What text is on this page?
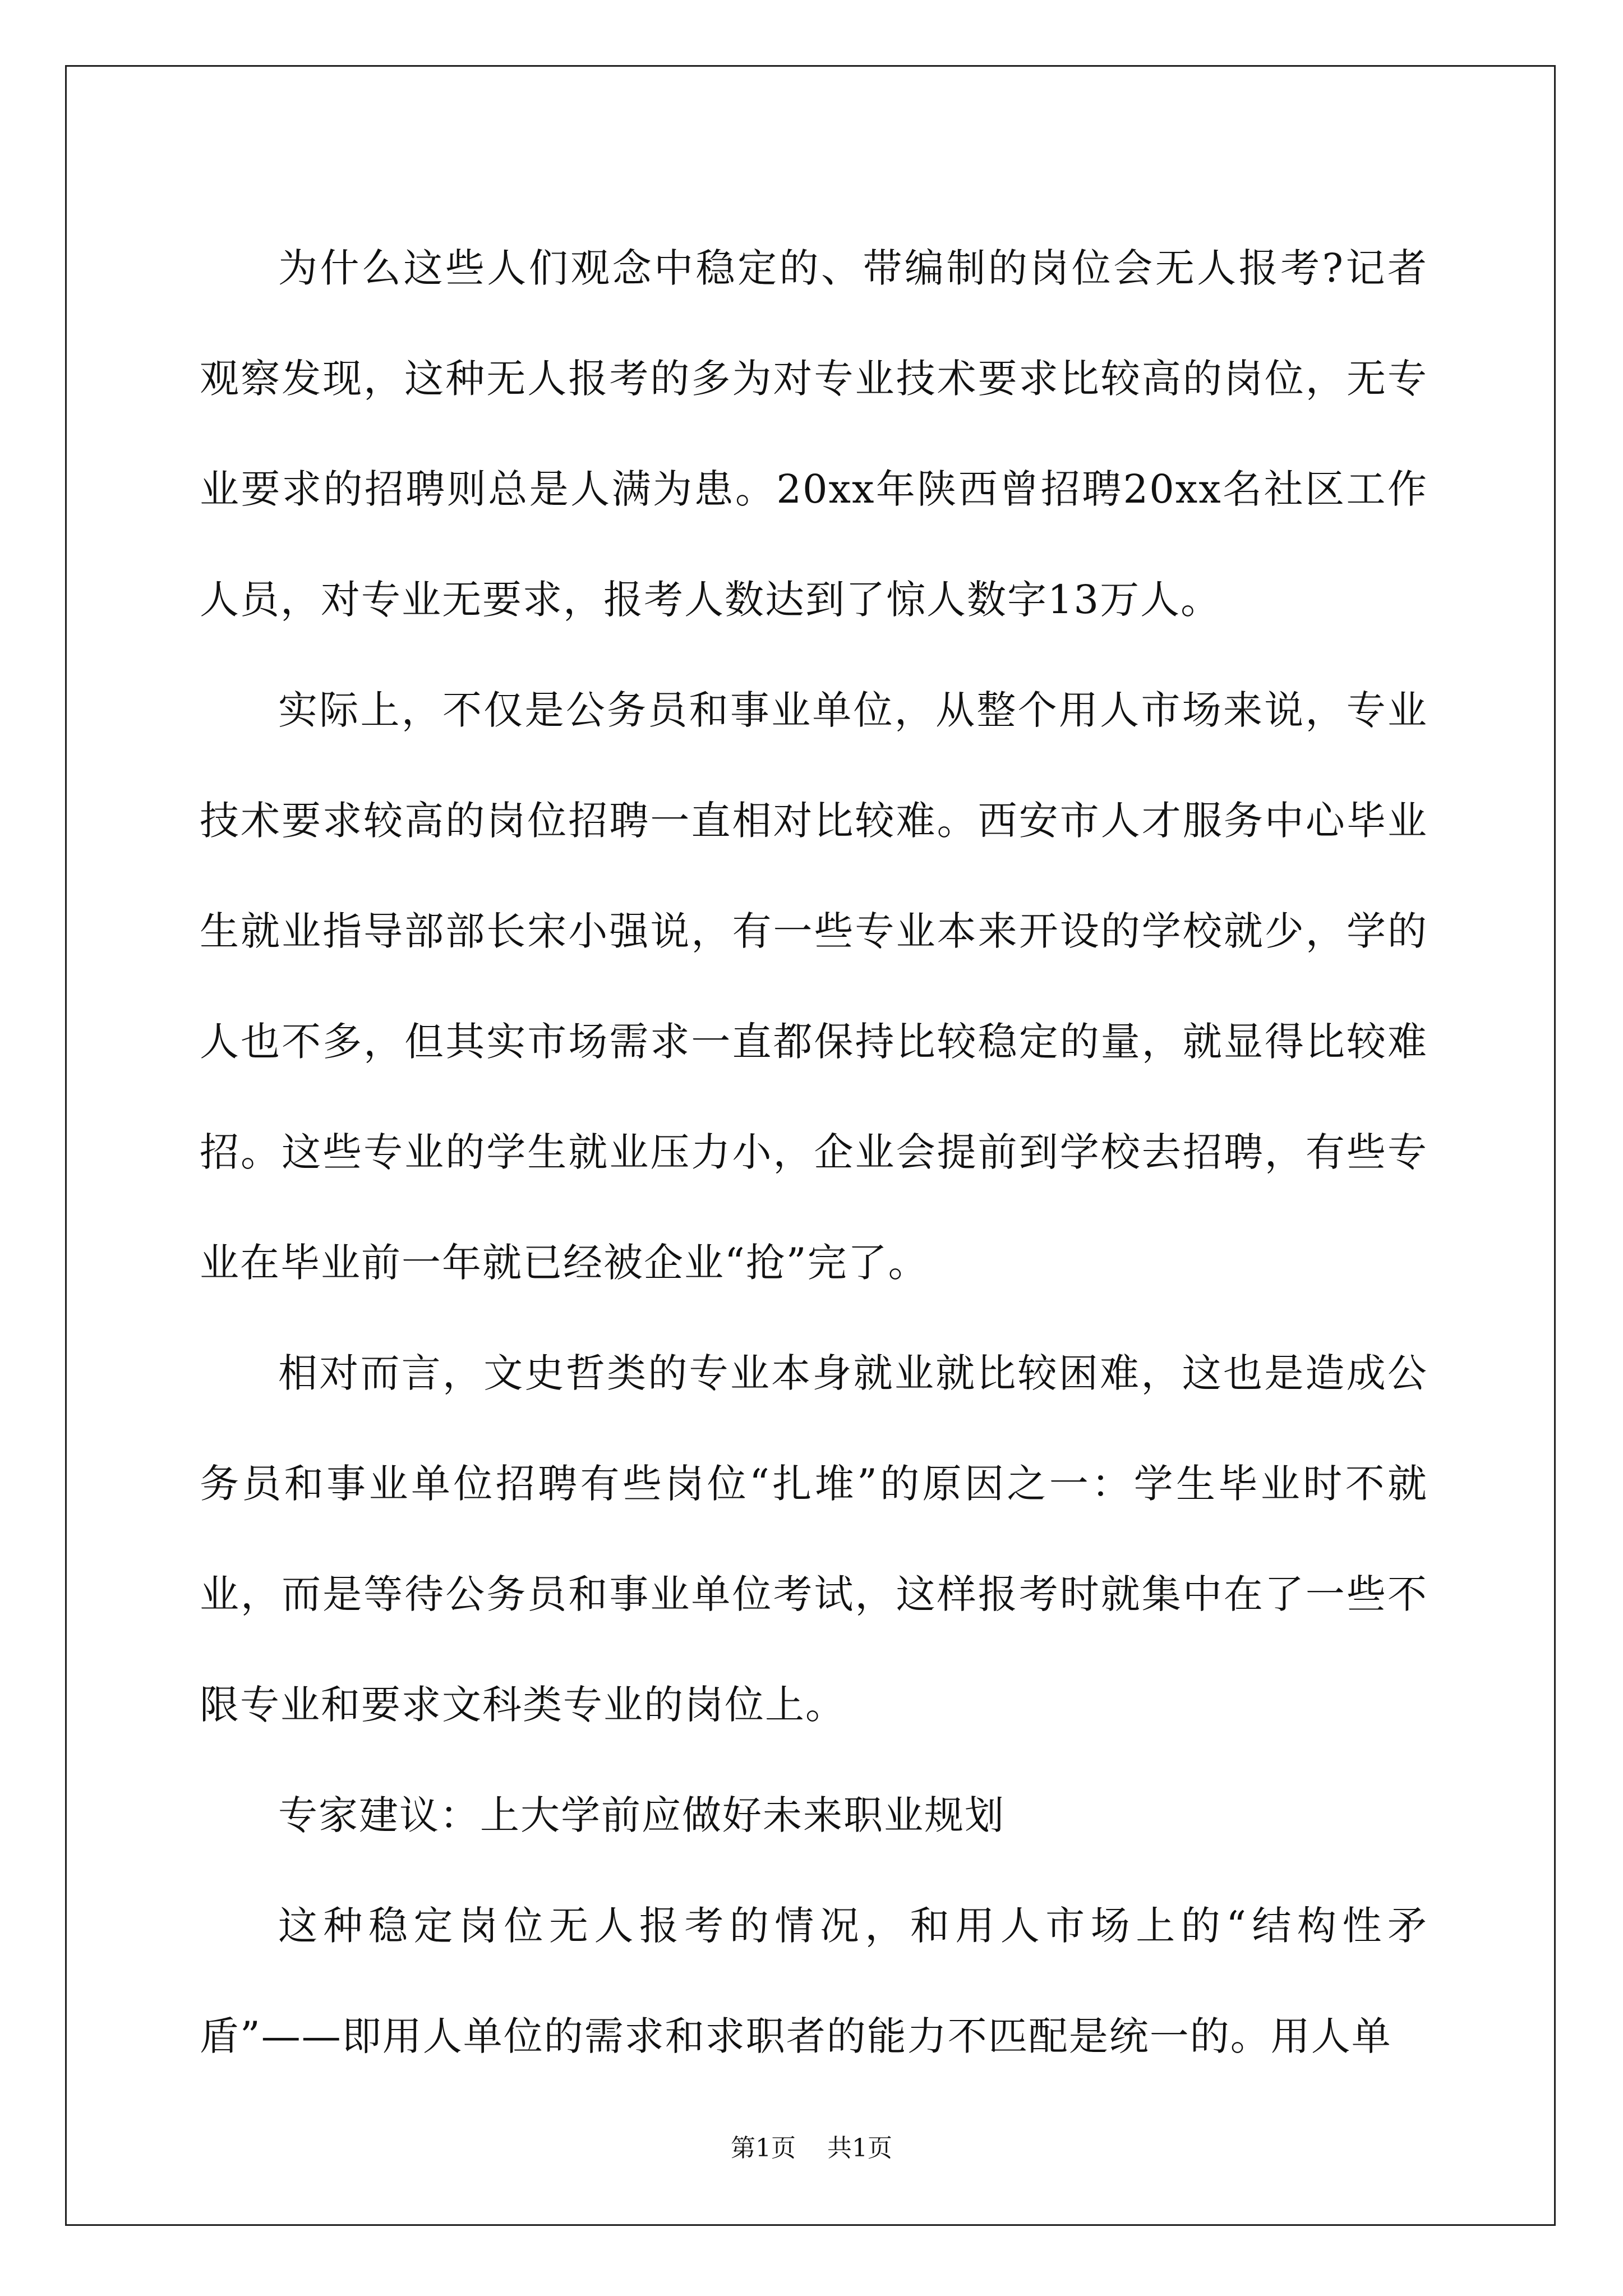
为什么这些人们观念中稳定的、带编制的岗位会无人报考?记者观察发现，这种无人报考的多为对专业技术要求比较高的岗位，无专业要求的招聘则总是人满为患。20xx年陕西曾招聘20xx名社区工作人员，对专业无要求，报考人数达到了惊人数字13万人。

实际上，不仅是公务员和事业单位，从整个用人市场来说，专业技术要求较高的岗位招聘一直相对比较难。西安市人才服务中心毕业生就业指导部部长宋小强说，有一些专业本来开设的学校就少，学的人也不多，但其实市场需求一直都保持比较稳定的量，就显得比较难招。这些专业的学生就业压力小，企业会提前到学校去招聘，有些专业在毕业前一年就已经被企业“抢”完了。

相对而言，文史哲类的专业本身就业就比较困难，这也是造成公务员和事业单位招聘有些岗位“扎堆”的原因之一：学生毕业时不就业，而是等待公务员和事业单位考试，这样报考时就集中在了一些不限专业和要求文科类专业的岗位上。

专家建议：上大学前应做好未来职业规划

这种稳定岗位无人报考的情况，和用人市场上的“结构性矛盾”——即用人单位的需求和求职者的能力不匹配是统一的。用人单

第1页 共1页
